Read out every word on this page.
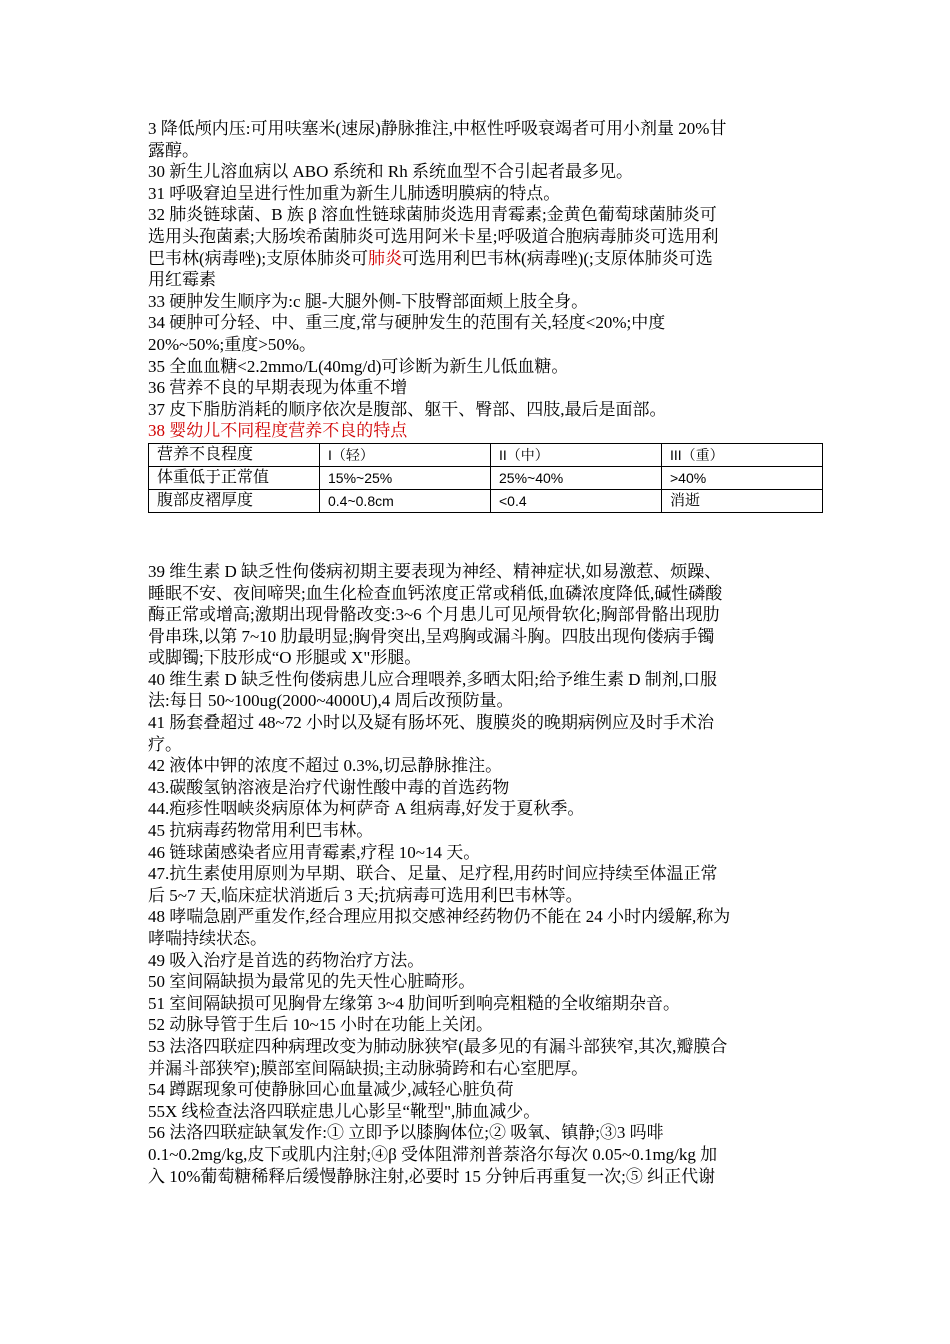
3 降低颅内压:可用呋塞米(速尿)静脉推注,中枢性呼吸衰竭者可用小剂量 20%甘
露醇。
30 新生儿溶血病以 ABO 系统和 Rh 系统血型不合引起者最多见。
31 呼吸窘迫呈进行性加重为新生儿肺透明膜病的特点。
32 肺炎链球菌、B 族 β 溶血性链球菌肺炎选用青霉素;金黄色葡萄球菌肺炎可
选用头孢菌素;大肠埃希菌肺炎可选用阿米卡星;呼吸道合胞病毒肺炎可选用利
巴韦林(病毒唑);支原体肺炎可肺炎可选用利巴韦林(病毒唑)(;支原体肺炎可选
用红霉素
33 硬肿发生顺序为:c 腿-大腿外侧-下肢臀部面颊上肢全身。
34 硬肿可分轻、中、重三度,常与硬肿发生的范围有关,轻度<20%;中度
20%~50%;重度>50%。
35 全血血糖<2.2mmo/L(40mg/d)可诊断为新生儿低血糖。
36 营养不良的早期表现为体重不增
37 皮下脂肪消耗的顺序依次是腹部、躯干、臀部、四肢,最后是面部。
38 婴幼儿不同程度营养不良的特点
营养不良程度	I（轻）	II（中）	III（重）
体重低于正常值	15%~25%	25%~40%	>40%
腹部皮褶厚度	0.4~0.8cm	<0.4	消逝
39 维生素 D 缺乏性佝偻病初期主要表现为神经、精神症状,如易激惹、烦躁、
睡眠不安、夜间啼哭;血生化检查血钙浓度正常或稍低,血磷浓度降低,碱性磷酸
酶正常或增高;激期出现骨骼改变:3~6 个月患儿可见颅骨软化;胸部骨骼出现肋
骨串珠,以第 7~10 肋最明显;胸骨突出,呈鸡胸或漏斗胸。四肢出现佝偻病手镯
或脚镯;下肢形成“O 形腿或 X"形腿。
40 维生素 D 缺乏性佝偻病患儿应合理喂养,多晒太阳;给予维生素 D 制剂,口服
法:每日 50~100ug(2000~4000U),4 周后改预防量。
41 肠套叠超过 48~72 小时以及疑有肠坏死、腹膜炎的晚期病例应及时手术治
疗。
42 液体中钾的浓度不超过 0.3%,切忌静脉推注。
43.碳酸氢钠溶液是治疗代谢性酸中毒的首选药物
44.疱疹性咽峡炎病原体为柯萨奇 A 组病毒,好发于夏秋季。
45 抗病毒药物常用利巴韦林。
46 链球菌感染者应用青霉素,疗程 10~14 天。
47.抗生素使用原则为早期、联合、足量、足疗程,用药时间应持续至体温正常
后 5~7 天,临床症状消逝后 3 天;抗病毒可选用利巴韦林等。
48 哮喘急剧严重发作,经合理应用拟交感神经药物仍不能在 24 小时内缓解,称为
哮喘持续状态。
49 吸入治疗是首选的药物治疗方法。
50 室间隔缺损为最常见的先天性心脏畸形。
51 室间隔缺损可见胸骨左缘第 3~4 肋间听到响亮粗糙的全收缩期杂音。
52 动脉导管于生后 10~15 小时在功能上关闭。
53 法洛四联症四种病理改变为肺动脉狭窄(最多见的有漏斗部狭窄,其次,瓣膜合
并漏斗部狭窄);膜部室间隔缺损;主动脉骑跨和右心室肥厚。
54 蹲踞现象可使静脉回心血量减少,减轻心脏负荷
55X 线检查法洛四联症患儿心影呈“靴型",肺血减少。
56 法洛四联症缺氧发作:① 立即予以膝胸体位;② 吸氧、镇静;③3 吗啡
0.1~0.2mg/kg,皮下或肌内注射;④β 受体阻滞剂普萘洛尔每次 0.05~0.1mg/kg 加
入 10%葡萄糖稀释后缓慢静脉注射,必要时 15 分钟后再重复一次;⑤ 纠正代谢
